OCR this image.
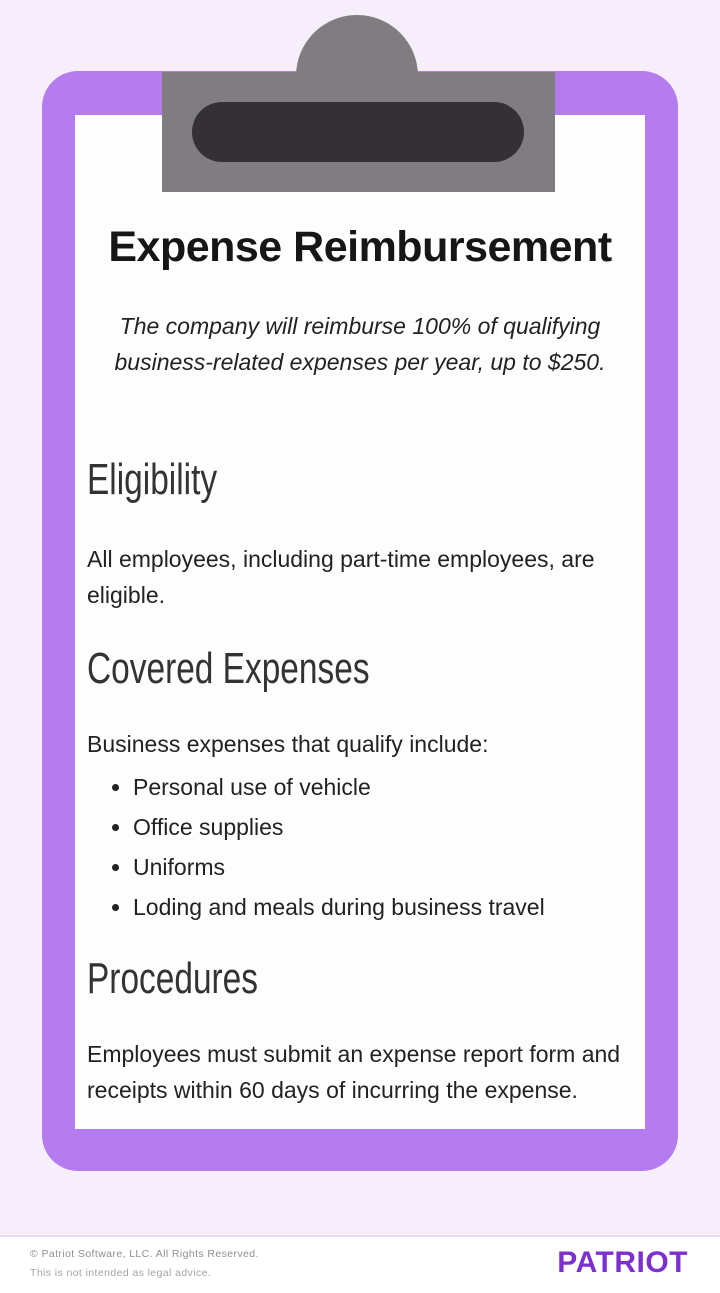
Expense Reimbursement

The company will reimburse 100% of qualifying business-related expenses per year, up to $250.

Eligibility

All employees, including part-time employees, are eligible.

Covered Expenses

Business expenses that qualify include:

• Personal use of vehicle
• Office supplies
• Uniforms
• Loding and meals during business travel
Procedures

Employees must submit an expense report form and receipts within 60 days of incurring the expense.

© Patriot Software, LLC. All Rights Reserved.
This is not intended as legal advice.	PATRIOT
